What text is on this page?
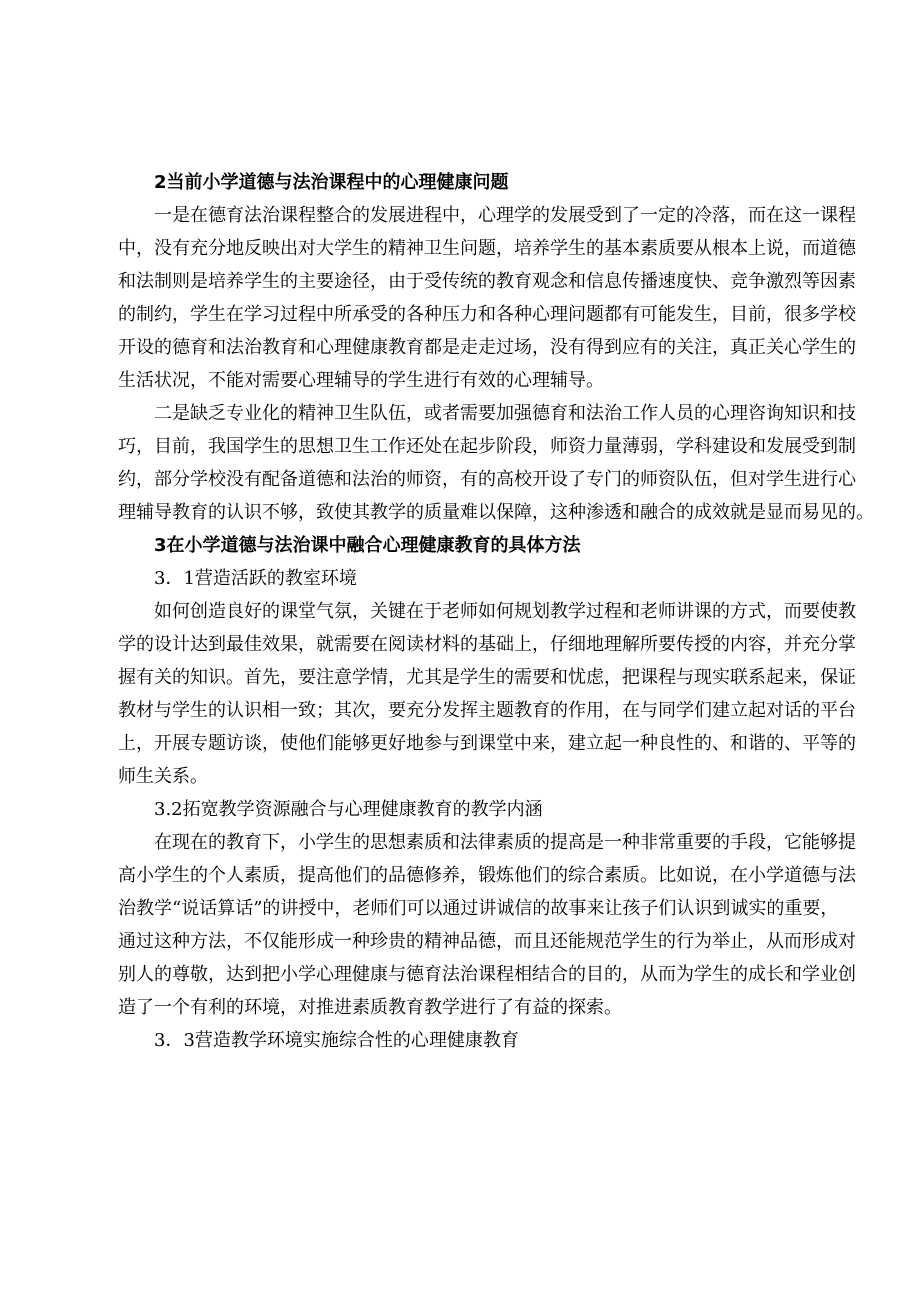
2当前小学道德与法治课程中的心理健康问题

一是在德育法治课程整合的发展进程中，心理学的发展受到了一定的冷落，而在这一课程

中，没有充分地反映出对大学生的精神卫生问题，培养学生的基本素质要从根本上说，而道德

和法制则是培养学生的主要途径，由于受传统的教育观念和信息传播速度快、竞争激烈等因素

的制约，学生在学习过程中所承受的各种压力和各种心理问题都有可能发生，目前，很多学校

开设的德育和法治教育和心理健康教育都是走走过场，没有得到应有的关注，真正关心学生的

生活状况，不能对需要心理辅导的学生进行有效的心理辅导。

二是缺乏专业化的精神卫生队伍，或者需要加强德育和法治工作人员的心理咨询知识和技

巧，目前，我国学生的思想卫生工作还处在起步阶段，师资力量薄弱，学科建设和发展受到制

约，部分学校没有配备道德和法治的师资，有的高校开设了专门的师资队伍，但对学生进行心

理辅导教育的认识不够，致使其教学的质量难以保障，这种渗透和融合的成效就是显而易见的。

3在小学道德与法治课中融合心理健康教育的具体方法

3．1营造活跃的教室环境

如何创造良好的课堂气氛，关键在于老师如何规划教学过程和老师讲课的方式，而要使教

学的设计达到最佳效果，就需要在阅读材料的基础上，仔细地理解所要传授的内容，并充分掌

握有关的知识。首先，要注意学情，尤其是学生的需要和忧虑，把课程与现实联系起来，保证

教材与学生的认识相一致；其次，要充分发挥主题教育的作用，在与同学们建立起对话的平台

上，开展专题访谈，使他们能够更好地参与到课堂中来，建立起一种良性的、和谐的、平等的

师生关系。

3.2拓宽教学资源融合与心理健康教育的教学内涵

在现在的教育下，小学生的思想素质和法律素质的提高是一种非常重要的手段，它能够提

高小学生的个人素质，提高他们的品德修养，锻炼他们的综合素质。比如说，在小学道德与法

治教学“说话算话”的讲授中，老师们可以通过讲诚信的故事来让孩子们认识到诚实的重要，

通过这种方法，不仅能形成一种珍贵的精神品德，而且还能规范学生的行为举止，从而形成对

别人的尊敬，达到把小学心理健康与德育法治课程相结合的目的，从而为学生的成长和学业创

造了一个有利的环境，对推进素质教育教学进行了有益的探索。

3．3营造教学环境实施综合性的心理健康教育
